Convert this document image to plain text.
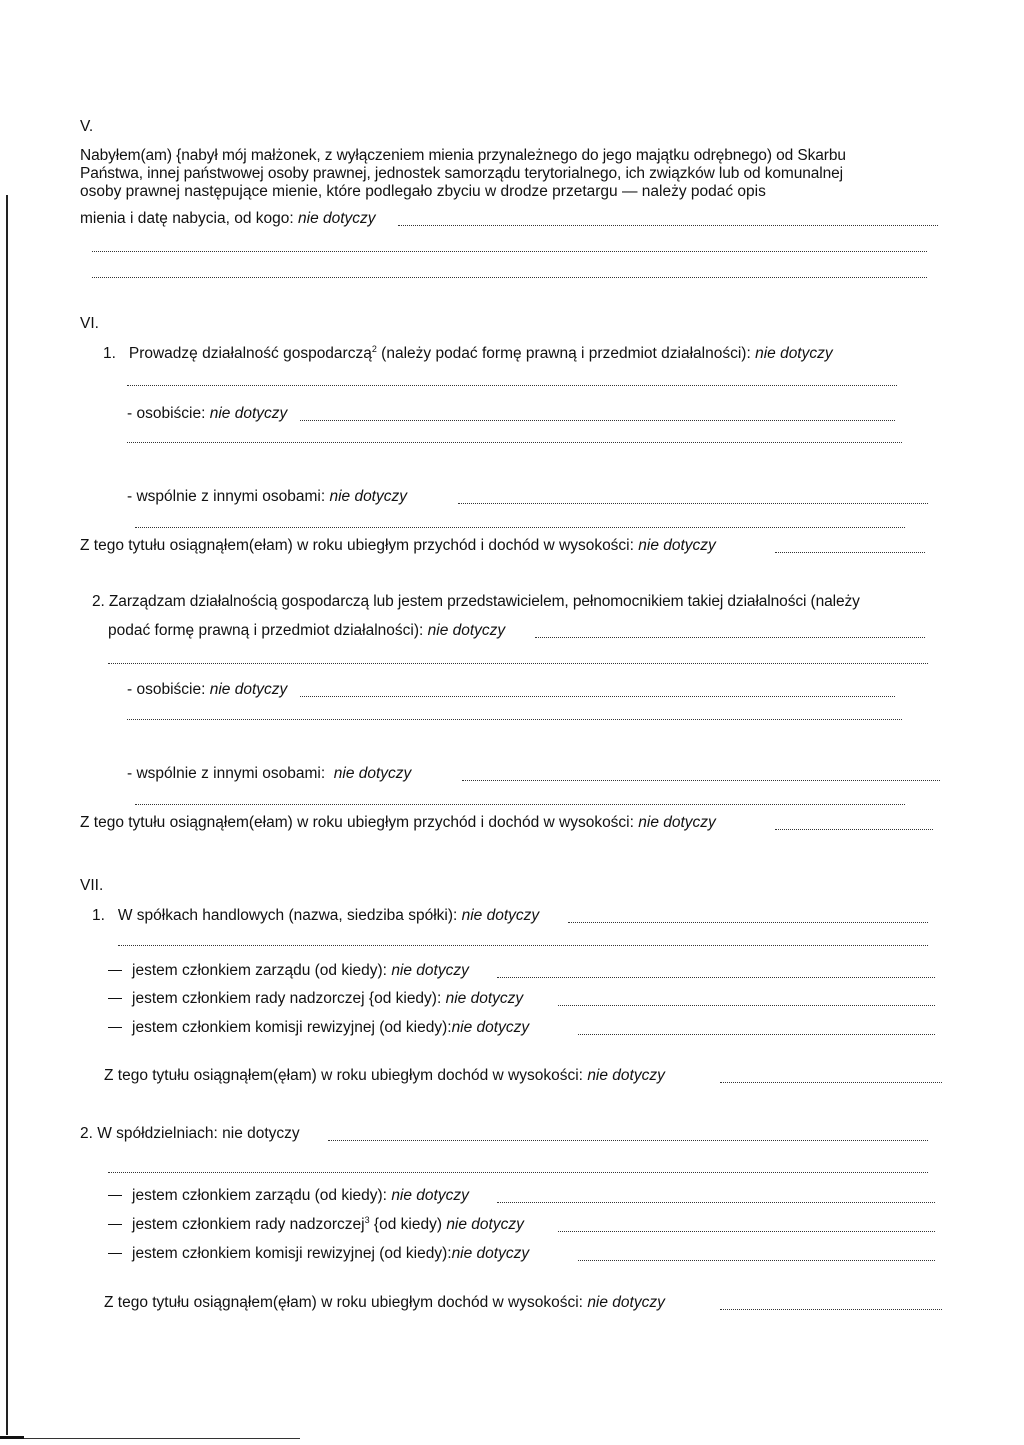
V.
Nabyłem(am) {nabył mój małżonek, z wyłączeniem mienia przynależnego do jego majątku odrębnego) od Skarbu
Państwa, innej państwowej osoby prawnej, jednostek samorządu terytorialnego, ich związków lub od komunalnej
osoby prawnej następujące mienie, które podlegało zbyciu w drodze przetargu — należy podać opis
mienia i datę nabycia, od kogo: nie dotyczy
VI.
1. Prowadzę działalność gospodarczą$^2$ (należy podać formę prawną i przedmiot działalności): nie dotyczy
- osobiście: nie dotyczy
- wspólnie z innymi osobami: nie dotyczy
Z tego tytułu osiągnąłem(ełam) w roku ubiegłym przychód i dochód w wysokości: nie dotyczy
2. Zarządzam działalnością gospodarczą lub jestem przedstawicielem, pełnomocnikiem takiej działalności (należy
podać formę prawną i przedmiot działalności): nie dotyczy
- osobiście: nie dotyczy
- wspólnie z innymi osobami: nie dotyczy
Z tego tytułu osiągnąłem(ełam) w roku ubiegłym przychód i dochód w wysokości: nie dotyczy
VII.
1. W spółkach handlowych (nazwa, siedziba spółki): nie dotyczy
jestem członkiem zarządu (od kiedy): nie dotyczy
jestem członkiem rady nadzorczej {od kiedy): nie dotyczy
jestem członkiem komisji rewizyjnej (od kiedy):nie dotyczy
Z tego tytułu osiągnąłem(ęłam) w roku ubiegłym dochód w wysokości: nie dotyczy
2. W spółdzielniach: nie dotyczy
jestem członkiem zarządu (od kiedy): nie dotyczy
jestem członkiem rady nadzorczej$^3$ {od kiedy) nie dotyczy
jestem członkiem komisji rewizyjnej (od kiedy):nie dotyczy
Z tego tytułu osiągnąłem(ęłam) w roku ubiegłym dochód w wysokości: nie dotyczy
